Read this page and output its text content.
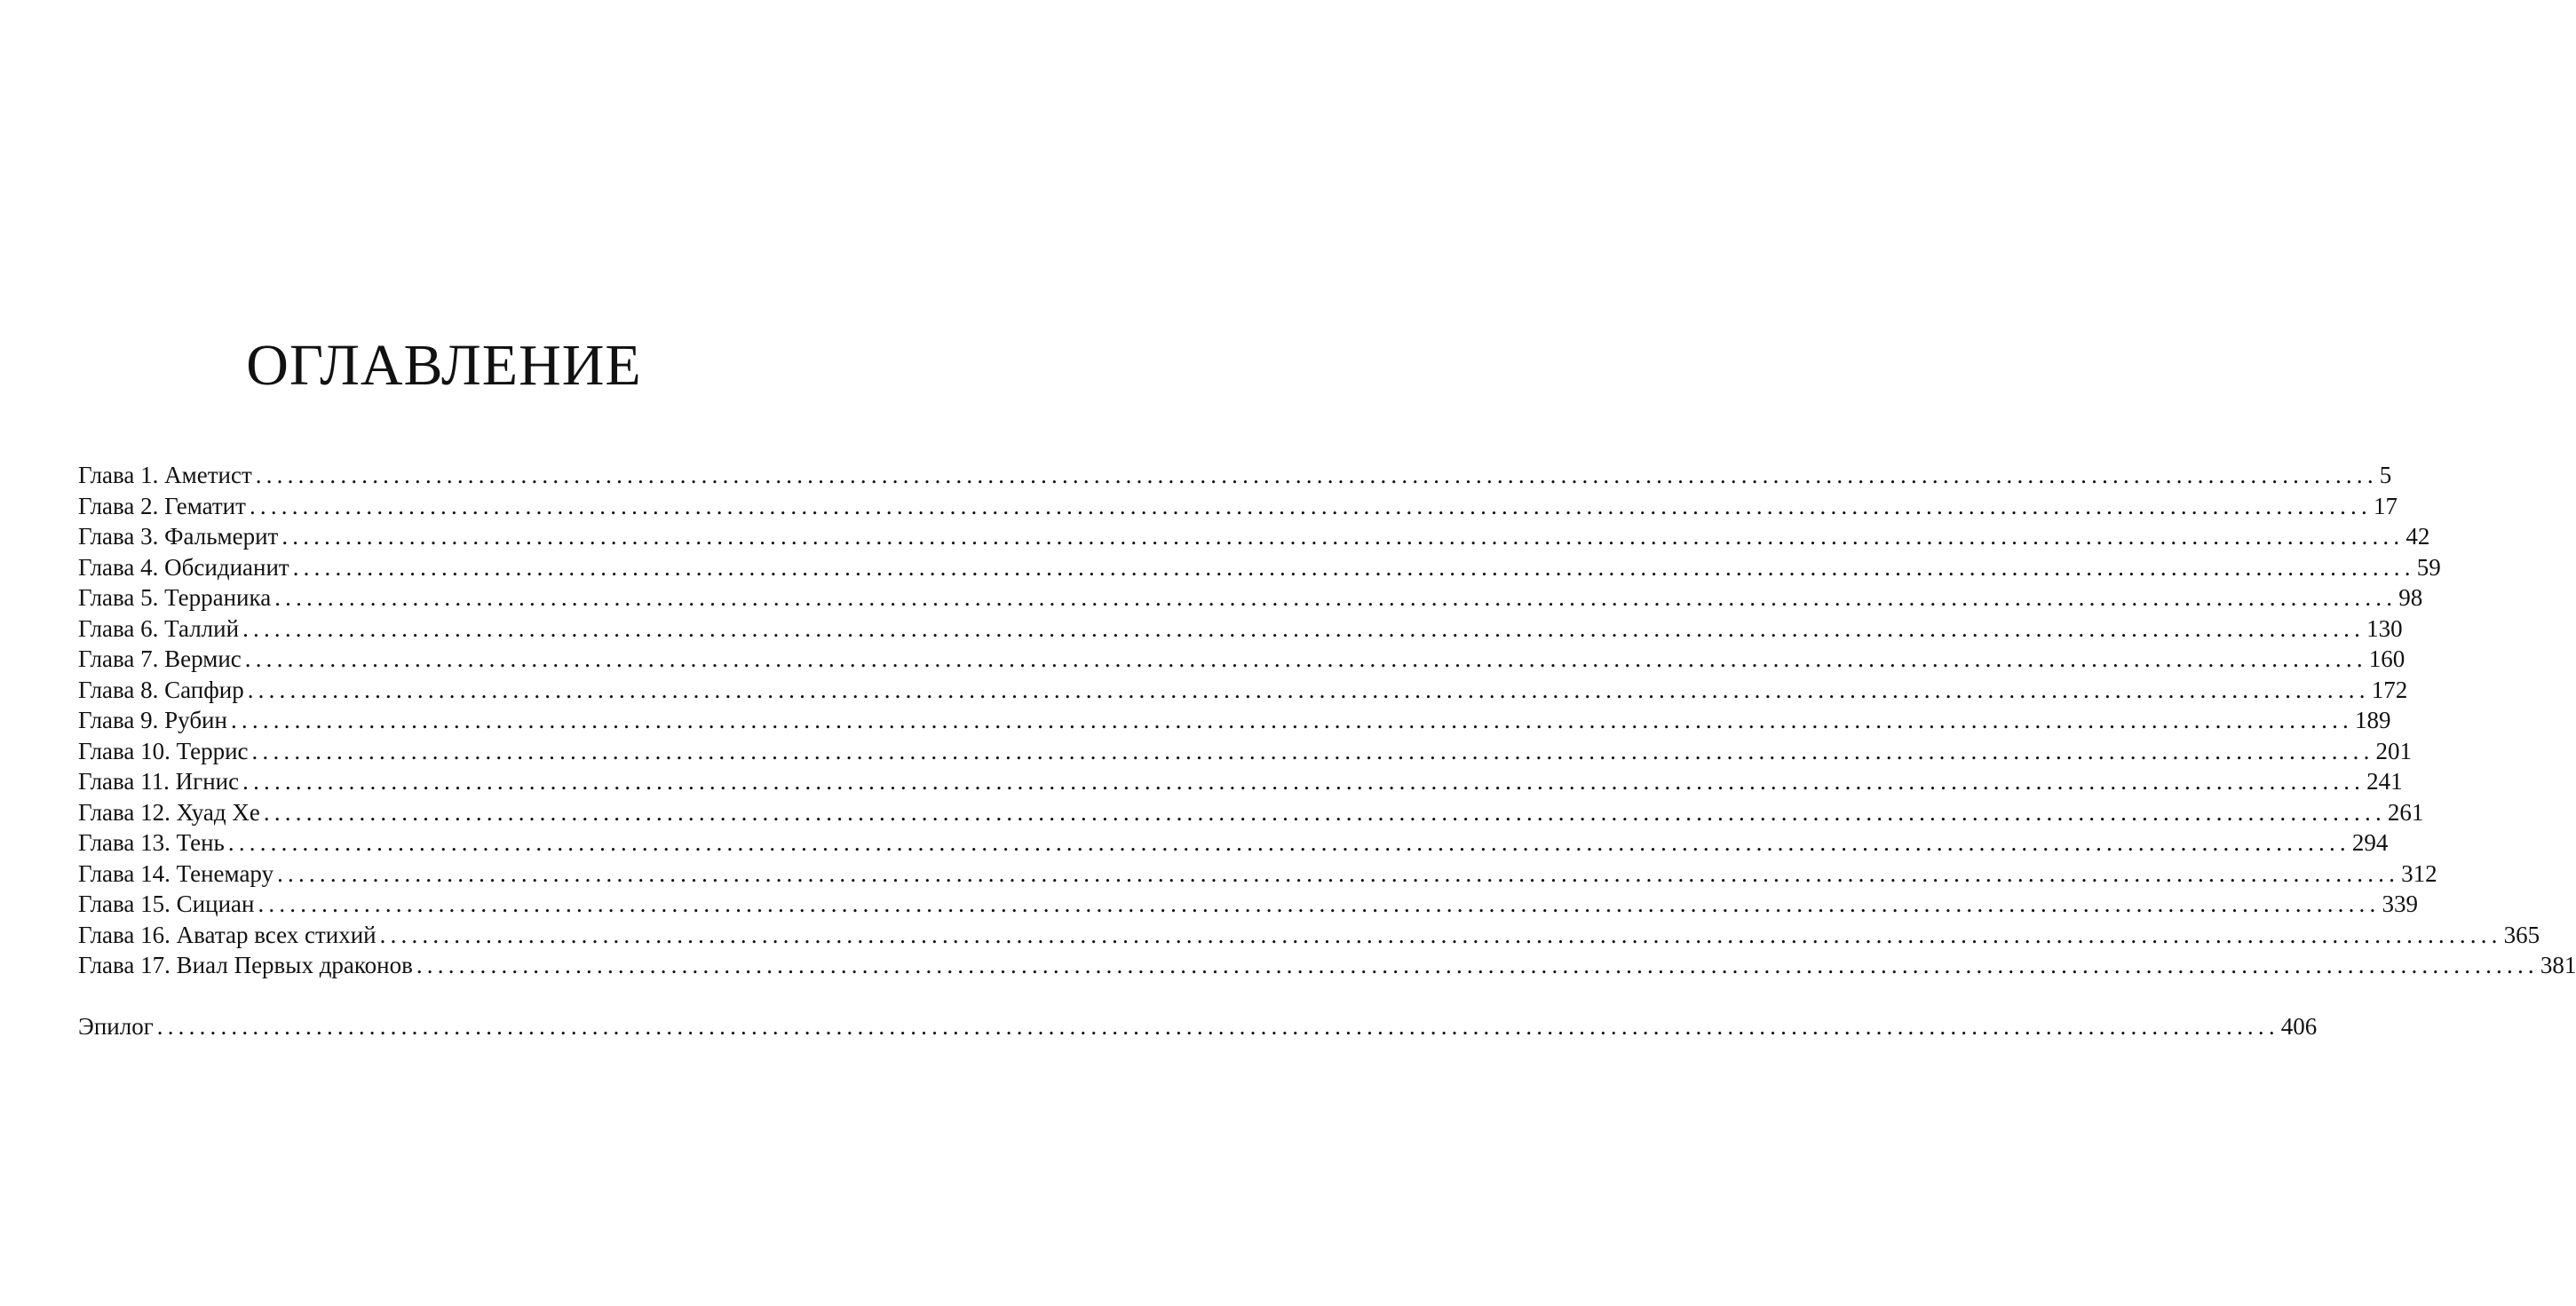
ОГЛАВЛЕНИЕ
Глава 1. Аметист ........................................................................................................................................................................................................ 5
Глава 2. Гематит ........................................................................................................................................................................................................ 17
Глава 3. Фальмерит ........................................................................................................................................................................................................ 42
Глава 4. Обсидианит ........................................................................................................................................................................................................ 59
Глава 5. Терраника ........................................................................................................................................................................................................ 98
Глава 6. Таллий ........................................................................................................................................................................................................ 130
Глава 7. Вермис ........................................................................................................................................................................................................ 160
Глава 8. Сапфир ........................................................................................................................................................................................................ 172
Глава 9. Рубин ........................................................................................................................................................................................................ 189
Глава 10. Террис ........................................................................................................................................................................................................ 201
Глава 11. Игнис ........................................................................................................................................................................................................ 241
Глава 12. Хуад Хе ........................................................................................................................................................................................................ 261
Глава 13. Тень ........................................................................................................................................................................................................ 294
Глава 14. Тенемару ........................................................................................................................................................................................................ 312
Глава 15. Сициан ........................................................................................................................................................................................................ 339
Глава 16. Аватар всех стихий ........................................................................................................................................................................................................ 365
Глава 17. Виал Первых драконов ........................................................................................................................................................................................................ 381
Эпилог ........................................................................................................................................................................................................ 406
